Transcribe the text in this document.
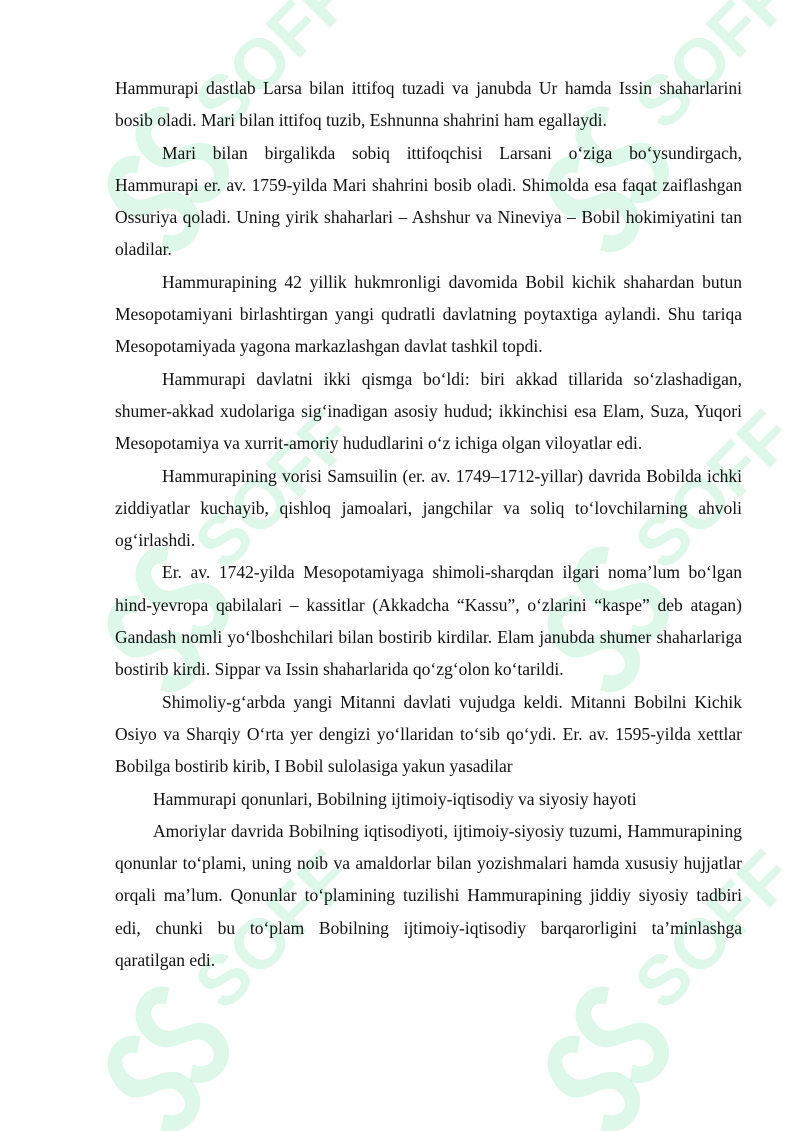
SOFF

Hammurapi dastlab Larsa bilan ittifoq tuzadi va janubda Ur hamda Issin shaharlarini bosib oladi. Mari bilan ittifoq tuzib, Eshnunna shahrini ham egallaydi.

Mari bilan birgalikda sobiq ittifoqchisi Larsani o‘ziga bo‘ysundirgach, Hammurapi er. av. 1759-yilda Mari shahrini bosib oladi. Shimolda esa faqat zaiflashgan Ossuriya qoladi. Uning yirik shaharlari – Ashshur va Nineviya – Bobil hokimiyatini tan oladilar.

Hammurapining 42 yillik hukmronligi davomida Bobil kichik shahardan butun Mesopotamiyani birlashtirgan yangi qudratli davlatning poytaxtiga aylandi. Shu tariqa Mesopotamiyada yagona markazlashgan davlat tashkil topdi.

Hammurapi davlatni ikki qismga bo‘ldi: biri akkad tillarida so‘zlashadigan, shumer-akkad xudolariga sig‘inadigan asosiy hudud; ikkinchisi esa Elam, Suza, Yuqori Mesopotamiya va xurrit-amoriy hududlarini o‘z ichiga olgan viloyatlar edi.

Hammurapining vorisi Samsuilin (er. av. 1749–1712-yillar) davrida Bobilda ichki ziddiyatlar kuchayib, qishloq jamoalari, jangchilar va soliq to‘lovchilarning ahvoli og‘irlashdi.

Er. av. 1742-yilda Mesopotamiyaga shimoli-sharqdan ilgari noma’lum bo‘lgan hind-yevropa qabilalari – kassitlar (Akkadcha “Kassu”, o‘zlarini “kaspe” deb atagan) Gandash nomli yo‘lboshchilari bilan bostirib kirdilar. Elam janubda shumer shaharlariga bostirib kirdi. Sippar va Issin shaharlarida qo‘zg‘olon ko‘tarildi.

Shimoliy-g‘arbda yangi Mitanni davlati vujudga keldi. Mitanni Bobilni Kichik Osiyo va Sharqiy O‘rta yer dengizi yo‘llaridan to‘sib qo‘ydi. Er. av. 1595-yilda xettlar Bobilga bostirib kirib, I Bobil sulolasiga yakun yasadilar

Hammurapi qonunlari, Bobilning ijtimoiy-iqtisodiy va siyosiy hayoti

Amoriylar davrida Bobilning iqtisodiyoti, ijtimoiy-siyosiy tuzumi, Hammurapining qonunlar to‘plami, uning noib va amaldorlar bilan yozishmalari hamda xususiy hujjatlar orqali ma’lum. Qonunlar to‘plamining tuzilishi Hammurapining jiddiy siyosiy tadbiri edi, chunki bu to‘plam Bobilning ijtimoiy-iqtisodiy barqarorligini ta’minlashga qaratilgan edi.
